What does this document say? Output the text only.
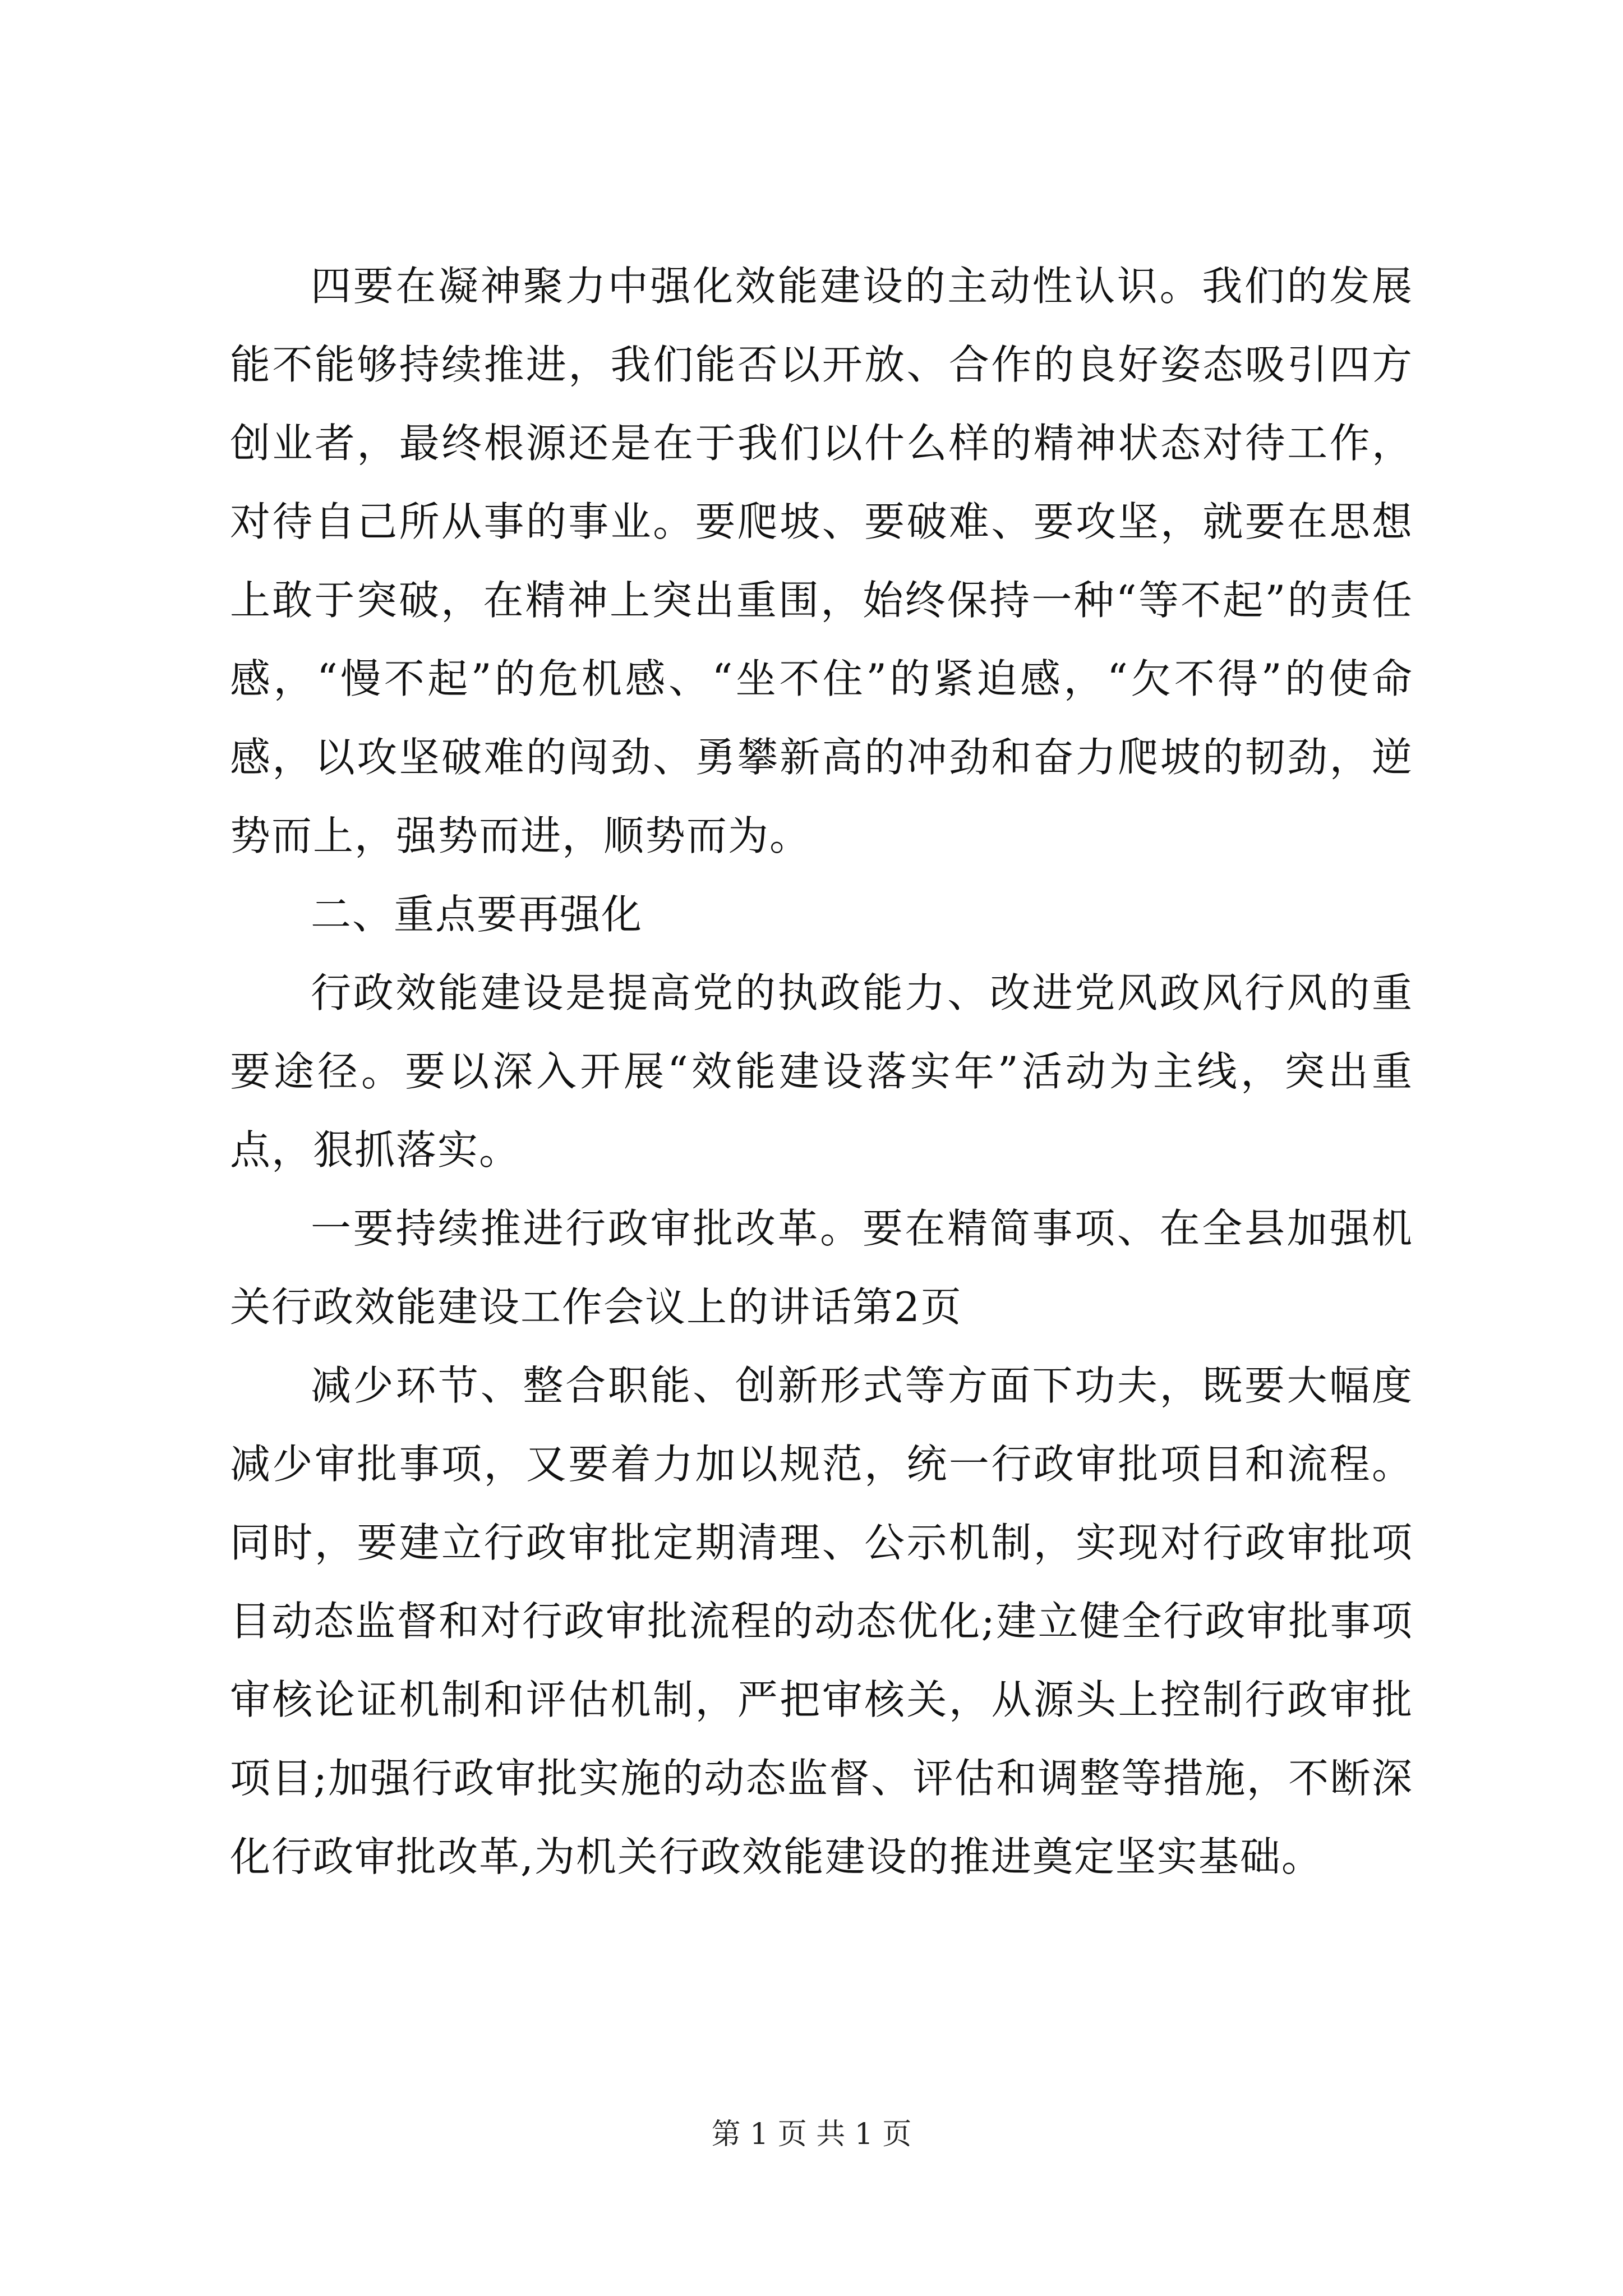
四要在凝神聚力中强化效能建设的主动性认识。我们的发展能不能够持续推进，我们能否以开放、合作的良好姿态吸引四方创业者，最终根源还是在于我们以什么样的精神状态对待工作，对待自己所从事的事业。要爬坡、要破难、要攻坚，就要在思想上敢于突破，在精神上突出重围，始终保持一种“等不起”的责任感，“慢不起”的危机感、“坐不住”的紧迫感，“欠不得”的使命感，以攻坚破难的闯劲、勇攀新高的冲劲和奋力爬坡的韧劲，逆势而上，强势而进，顺势而为。

二、重点要再强化

行政效能建设是提高党的执政能力、改进党风政风行风的重要途径。要以深入开展“效能建设落实年”活动为主线，突出重点，狠抓落实。

一要持续推进行政审批改革。要在精简事项、在全县加强机关行政效能建设工作会议上的讲话第2页

减少环节、整合职能、创新形式等方面下功夫，既要大幅度减少审批事项，又要着力加以规范，统一行政审批项目和流程。同时，要建立行政审批定期清理、公示机制，实现对行政审批项目动态监督和对行政审批流程的动态优化;建立健全行政审批事项审核论证机制和评估机制，严把审核关，从源头上控制行政审批项目;加强行政审批实施的动态监督、评估和调整等措施，不断深化行政审批改革,为机关行政效能建设的推进奠定坚实基础。

第 1 页 共 1 页
